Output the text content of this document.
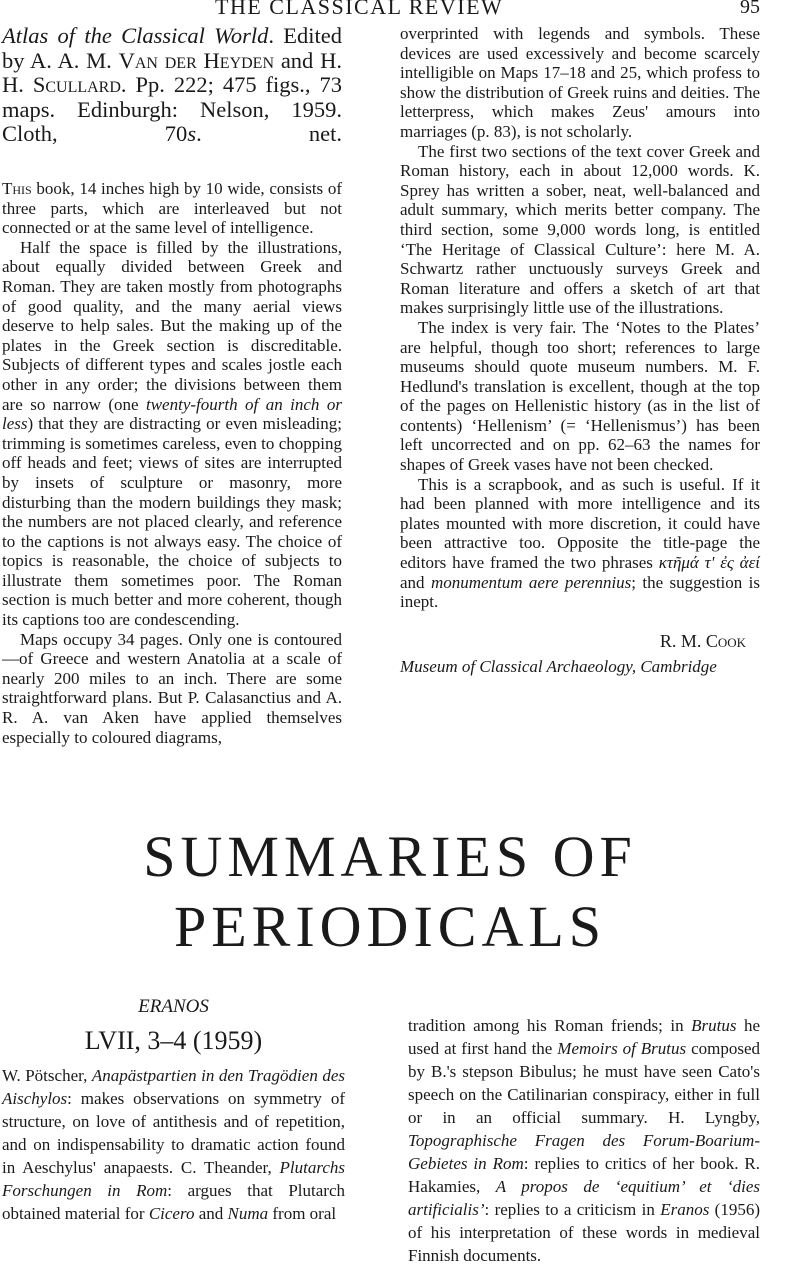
THE CLASSICAL REVIEW	95

Atlas of the Classical World. Edited by A. A. M. Van der Heyden and H. H. Scullard. Pp. 222; 475 figs., 73 maps. Edinburgh: Nelson, 1959. Cloth, 70s. net.

This book, 14 inches high by 10 wide, consists of three parts, which are interleaved but not connected or at the same level of intelligence.

Half the space is filled by the illustrations, about equally divided between Greek and Roman. They are taken mostly from photographs of good quality, and the many aerial views deserve to help sales. But the making up of the plates in the Greek section is discreditable. Subjects of different types and scales jostle each other in any order; the divisions between them are so narrow (one twenty-fourth of an inch or less) that they are distracting or even misleading; trimming is sometimes careless, even to chopping off heads and feet; views of sites are interrupted by insets of sculpture or masonry, more disturbing than the modern buildings they mask; the numbers are not placed clearly, and reference to the captions is not always easy. The choice of topics is reasonable, the choice of subjects to illustrate them sometimes poor. The Roman section is much better and more coherent, though its captions too are condescending.

Maps occupy 34 pages. Only one is contoured—of Greece and western Anatolia at a scale of nearly 200 miles to an inch. There are some straightforward plans. But P. Calasanctius and A. R. A. van Aken have applied themselves especially to coloured diagrams,

overprinted with legends and symbols. These devices are used excessively and become scarcely intelligible on Maps 17–18 and 25, which profess to show the distribution of Greek ruins and deities. The letterpress, which makes Zeus' amours into marriages (p. 83), is not scholarly.

The first two sections of the text cover Greek and Roman history, each in about 12,000 words. K. Sprey has written a sober, neat, well-balanced and adult summary, which merits better company. The third section, some 9,000 words long, is entitled ‘The Heritage of Classical Culture’: here M. A. Schwartz rather unctuously surveys Greek and Roman literature and offers a sketch of art that makes surprisingly little use of the illustrations.

The index is very fair. The ‘Notes to the Plates’ are helpful, though too short; references to large museums should quote museum numbers. M. F. Hedlund's translation is excellent, though at the top of the pages on Hellenistic history (as in the list of contents) ‘Hellenism’ (= ‘Hellenismus’) has been left uncorrected and on pp. 62–63 the names for shapes of Greek vases have not been checked.

This is a scrapbook, and as such is useful. If it had been planned with more intelligence and its plates mounted with more discretion, it could have been attractive too. Opposite the title-page the editors have framed the two phrases κτῆμά τ' ἐς ἀεί and monumentum aere perennius; the suggestion is inept.

R. M. Cook

Museum of Classical Archaeology, Cambridge

SUMMARIES OF
PERIODICALS

ERANOS

LVII, 3–4 (1959)

W. Pötscher, Anapästpartien in den Tragödien des Aischylos: makes observations on symmetry of structure, on love of antithesis and of repetition, and on indispensability to dramatic action found in Aeschylus' anapaests. C. Theander, Plutarchs Forschungen in Rom: argues that Plutarch obtained material for Cicero and Numa from oral

tradition among his Roman friends; in Brutus he used at first hand the Memoirs of Brutus composed by B.'s stepson Bibulus; he must have seen Cato's speech on the Catilinarian conspiracy, either in full or in an official summary. H. Lyngby, Topographische Fragen des Forum-Boarium-Gebietes in Rom: replies to critics of her book. R. Hakamies, A propos de ‘equitium’ et ‘dies artificialis’: replies to a criticism in Eranos (1956) of his interpretation of these words in medieval Finnish documents.
